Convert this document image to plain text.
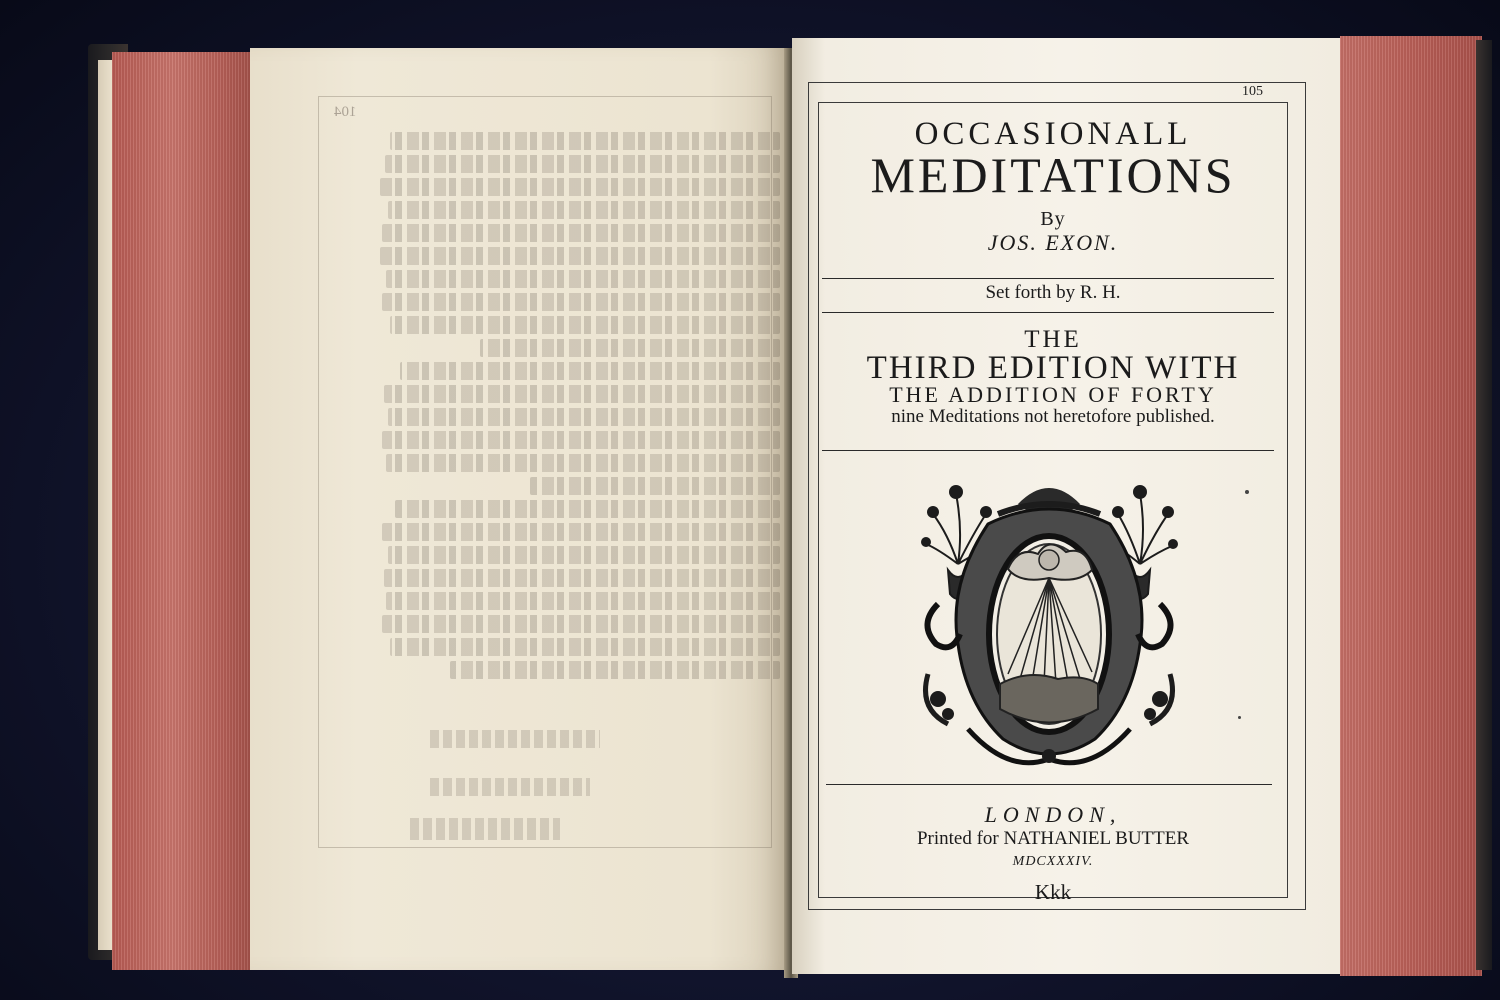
104
105
OCCASIONALL
MEDITATIONS
By
JOS. EXON.
Set forth by R. H.
THE
THIRD EDITION WITH
THE ADDITION OF FORTY
nine Meditations not heretofore published.
LONDON,
Printed for NATHANIEL BUTTER
MDCXXXIV.
Kkk
